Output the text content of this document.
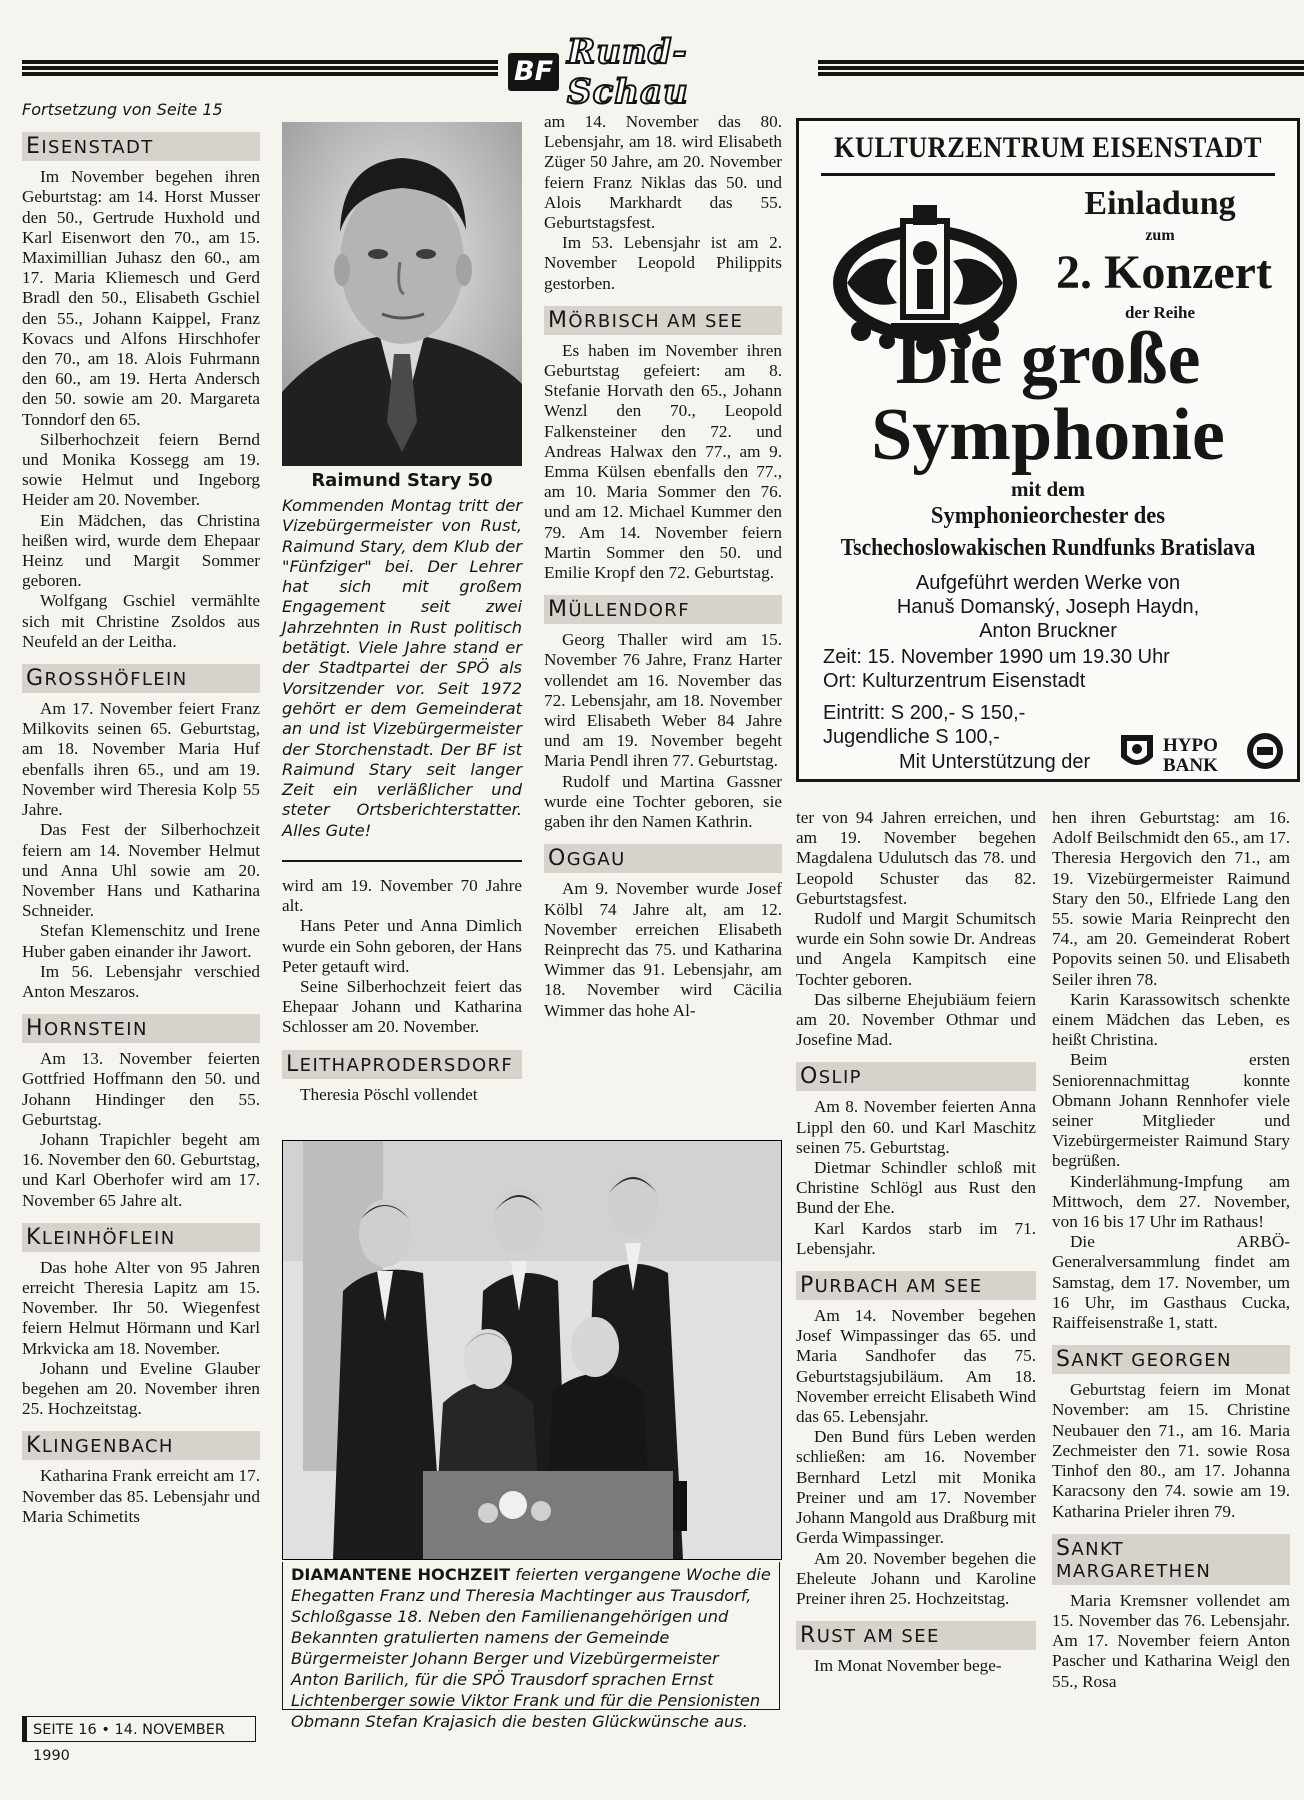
BF Rund-Schau

Fortsetzung von Seite 15

EISENSTADT

Im November begehen ihren Geburtstag: am 14. Horst Musser den 50., Gertrude Huxhold und Karl Eisenwort den 70., am 15. Maximillian Juhasz den 60., am 17. Maria Kliemesch und Gerd Bradl den 50., Elisabeth Gschiel den 55., Johann Kaippel, Franz Kovacs und Alfons Hirschhofer den 70., am 18. Alois Fuhrmann den 60., am 19. Herta Andersch den 50. sowie am 20. Margareta Tonndorf den 65.

Silberhochzeit feiern Bernd und Monika Kossegg am 19. sowie Helmut und Ingeborg Heider am 20. November.

Ein Mädchen, das Christina heißen wird, wurde dem Ehepaar Heinz und Margit Sommer geboren.

Wolfgang Gschiel vermählte sich mit Christine Zsoldos aus Neufeld an der Leitha.

GROSSHÖFLEIN

Am 17. November feiert Franz Milkovits seinen 65. Geburtstag, am 18. November Maria Huf ebenfalls ihren 65., und am 19. November wird Theresia Kolp 55 Jahre.

Das Fest der Silberhochzeit feiern am 14. November Helmut und Anna Uhl sowie am 20. November Hans und Katharina Schneider.

Stefan Klemenschitz und Irene Huber gaben einander ihr Jawort.

Im 56. Lebensjahr verschied Anton Meszaros.

HORNSTEIN

Am 13. November feierten Gottfried Hoffmann den 50. und Johann Hindinger den 55. Geburtstag.

Johann Trapichler begeht am 16. November den 60. Geburtstag, und Karl Oberhofer wird am 17. November 65 Jahre alt.

KLEINHÖFLEIN

Das hohe Alter von 95 Jahren erreicht Theresia Lapitz am 15. November. Ihr 50. Wiegenfest feiern Helmut Hörmann und Karl Mrkvicka am 18. November.

Johann und Eveline Glauber begehen am 20. November ihren 25. Hochzeitstag.

KLINGENBACH

Katharina Frank erreicht am 17. November das 85. Lebensjahr und Maria Schimetits

Raimund Stary 50

Kommenden Montag tritt der Vizebürgermeister von Rust, Raimund Stary, dem Klub der "Fünfziger" bei. Der Lehrer hat sich mit großem Engagement seit zwei Jahrzehnten in Rust politisch betätigt. Viele Jahre stand er der Stadtpartei der SPÖ als Vorsitzender vor. Seit 1972 gehört er dem Gemeinderat an und ist Vizebürgermeister der Storchenstadt. Der BF ist Raimund Stary seit langer Zeit ein verläßlicher und steter Ortsberichterstatter. Alles Gute!

wird am 19. November 70 Jahre alt.

Hans Peter und Anna Dimlich wurde ein Sohn geboren, der Hans Peter getauft wird.

Seine Silberhochzeit feiert das Ehepaar Johann und Katharina Schlosser am 20. November.

LEITHAPRODERSDORF

Theresia Pöschl vollendet

am 14. November das 80. Lebensjahr, am 18. wird Elisabeth Züger 50 Jahre, am 20. November feiern Franz Niklas das 50. und Alois Markhardt das 55. Geburtstagsfest.

Im 53. Lebensjahr ist am 2. November Leopold Philippits gestorben.

MÖRBISCH AM SEE

Es haben im November ihren Geburtstag gefeiert: am 8. Stefanie Horvath den 65., Johann Wenzl den 70., Leopold Falkensteiner den 72. und Andreas Halwax den 77., am 9. Emma Külsen ebenfalls den 77., am 10. Maria Sommer den 76. und am 12. Michael Kummer den 79. Am 14. November feiern Martin Sommer den 50. und Emilie Kropf den 72. Geburtstag.

MÜLLENDORF

Georg Thaller wird am 15. November 76 Jahre, Franz Harter vollendet am 16. November das 72. Lebensjahr, am 18. November wird Elisabeth Weber 84 Jahre und am 19. November begeht Maria Pendl ihren 77. Geburtstag.

Rudolf und Martina Gassner wurde eine Tochter geboren, sie gaben ihr den Namen Kathrin.

OGGAU

Am 9. November wurde Josef Kölbl 74 Jahre alt, am 12. November erreichen Elisabeth Reinprecht das 75. und Katharina Wimmer das 91. Lebensjahr, am 18. November wird Cäcilia Wimmer das hohe Al-

KULTURZENTRUM EISENSTADT
Einladung
zum
2. Konzert
der Reihe
Die große
Symphonie
mit dem
Symphonieorchester des
Tschechoslowakischen Rundfunks Bratislava
Aufgeführt werden Werke von
Hanuš Domanský, Joseph Haydn,
Anton Bruckner
Zeit: 15. November 1990 um 19.30 Uhr
Ort: Kulturzentrum Eisenstadt
Eintritt: S 200,- S 150,-
Jugendliche S 100,-
Mit Unterstützung der
HYPO
BANK

ter von 94 Jahren erreichen, und am 19. November begehen Magdalena Udulutsch das 78. und Leopold Schuster das 82. Geburtstagsfest.

Rudolf und Margit Schumitsch wurde ein Sohn sowie Dr. Andreas und Angela Kampitsch eine Tochter geboren.

Das silberne Ehejubiäum feiern am 20. November Othmar und Josefine Mad.

OSLIP

Am 8. November feierten Anna Lippl den 60. und Karl Maschitz seinen 75. Geburtstag.

Dietmar Schindler schloß mit Christine Schlögl aus Rust den Bund der Ehe.

Karl Kardos starb im 71. Lebensjahr.

PURBACH AM SEE

Am 14. November begehen Josef Wimpassinger das 65. und Maria Sandhofer das 75. Geburtstagsjubiläum. Am 18. November erreicht Elisabeth Wind das 65. Lebensjahr.

Den Bund fürs Leben werden schließen: am 16. November Bernhard Letzl mit Monika Preiner und am 17. November Johann Mangold aus Draßburg mit Gerda Wimpassinger.

Am 20. November begehen die Eheleute Johann und Karoline Preiner ihren 25. Hochzeitstag.

RUST AM SEE

Im Monat November bege-

hen ihren Geburtstag: am 16. Adolf Beilschmidt den 65., am 17. Theresia Hergovich den 71., am 19. Vizebürgermeister Raimund Stary den 50., Elfriede Lang den 55. sowie Maria Reinprecht den 74., am 20. Gemeinderat Robert Popovits seinen 50. und Elisabeth Seiler ihren 78.

Karin Karassowitsch schenkte einem Mädchen das Leben, es heißt Christina.

Beim ersten Seniorennachmittag konnte Obmann Johann Rennhofer viele seiner Mitglieder und Vizebürgermeister Raimund Stary begrüßen.

Kinderlähmung-Impfung am Mittwoch, dem 27. November, von 16 bis 17 Uhr im Rathaus!

Die ARBÖ-Generalversammlung findet am Samstag, dem 17. November, um 16 Uhr, im Gasthaus Cucka, Raiffeisenstraße 1, statt.

SANKT GEORGEN

Geburtstag feiern im Monat November: am 15. Christine Neubauer den 71., am 16. Maria Zechmeister den 71. sowie Rosa Tinhof den 80., am 17. Johanna Karacsony den 74. sowie am 19. Katharina Prieler ihren 79.

SANKT MARGARETHEN

Maria Kremsner vollendet am 15. November das 76. Lebensjahr. Am 17. November feiern Anton Pascher und Katharina Weigl den 55., Rosa

DIAMANTENE HOCHZEIT feierten vergangene Woche die Ehegatten Franz und Theresia Machtinger aus Trausdorf, Schloßgasse 18. Neben den Familienangehörigen und Bekannten gratulierten namens der Gemeinde Bürgermeister Johann Berger und Vizebürgermeister Anton Barilich, für die SPÖ Trausdorf sprachen Ernst Lichtenberger sowie Viktor Frank und für die Pensionisten Obmann Stefan Krajasich die besten Glückwünsche aus.
SEITE 16 • 14. NOVEMBER 1990
